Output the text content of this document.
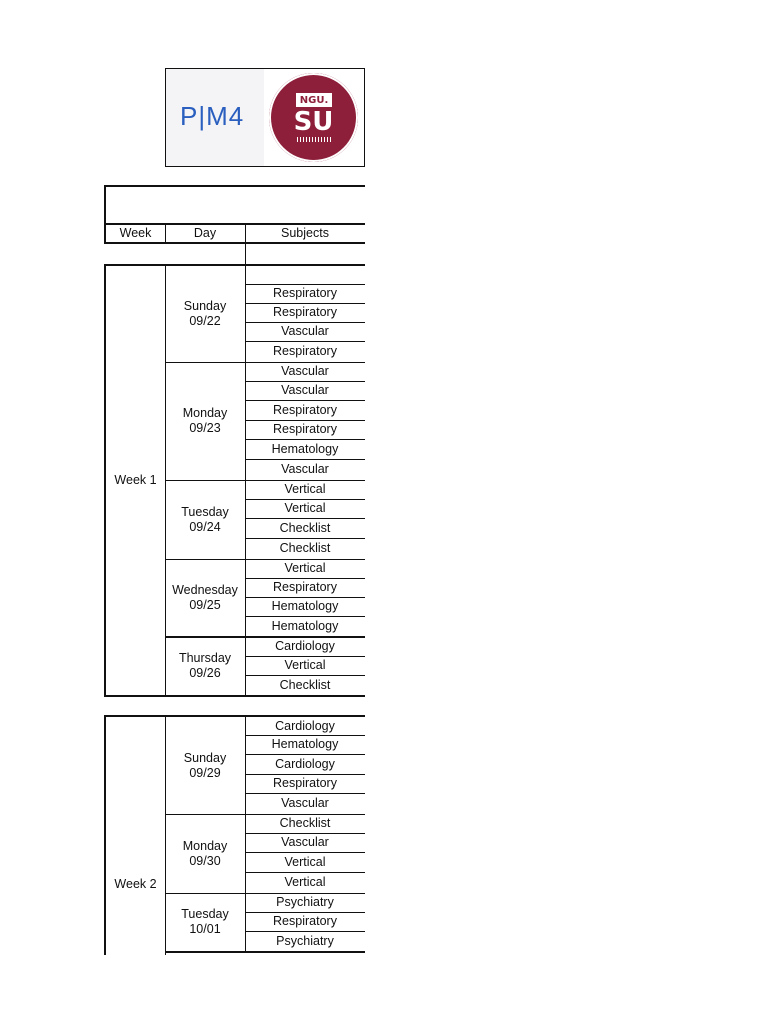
P|M4
NGU.
SU
Week	Day	Subjects
Week 1
Sunday
09/22
Respiratory
Respiratory
Vascular
Respiratory
Monday
09/23
Vascular
Vascular
Respiratory
Respiratory
Hematology
Vascular
Tuesday
09/24
Vertical
Vertical
Checklist
Checklist
Wednesday
09/25
Vertical
Respiratory
Hematology
Hematology
Thursday
09/26
Cardiology
Vertical
Checklist
Week 2
Sunday
09/29
Cardiology
Hematology
Cardiology
Respiratory
Vascular
Monday
09/30
Checklist
Vascular
Vertical
Vertical
Tuesday
10/01
Psychiatry
Respiratory
Psychiatry
